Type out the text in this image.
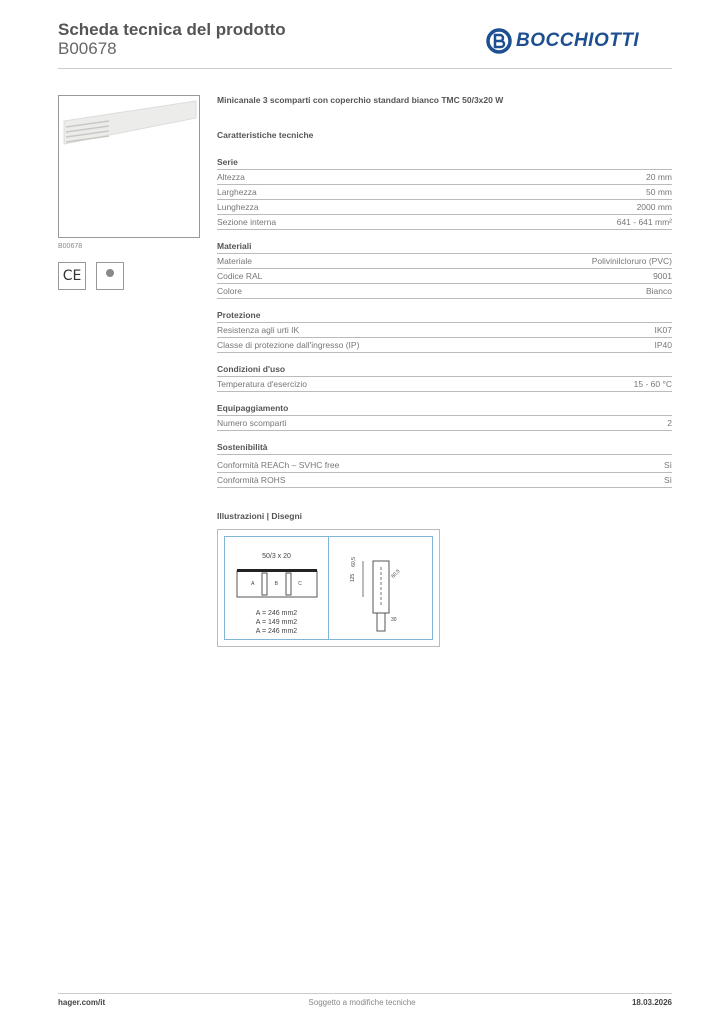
Scheda tecnica del prodotto
B00678	BOCCHIOTTI
B00678
CE
Minicanale 3 scomparti con coperchio standard bianco TMC 50/3x20 W
Caratteristiche tecniche
Serie
Altezza	20 mm
Larghezza	50 mm
Lunghezza	2000 mm
Sezione interna	641 - 641 mm²
Materiali
Materiale	Polivinilcloruro (PVC)
Codice RAL	9001
Colore	Bianco
Protezione
Resistenza agli urti IK	IK07
Classe di protezione dall'ingresso (IP)	IP40
Condizioni d'uso
Temperatura d'esercizio	15 - 60 °C
Equipaggiamento
Numero scomparti	2
Sostenibilità
Conformità REACh – SVHC free	Sì
Conformità ROHS	Sì
Illustrazioni | Disegni
50/3 x 20
A	B	C
A = 246 mm2
A = 149 mm2
A = 246 mm2
125
60,5
60,5
30
hager.com/it	Soggetto a modifiche tecniche	18.03.2026
